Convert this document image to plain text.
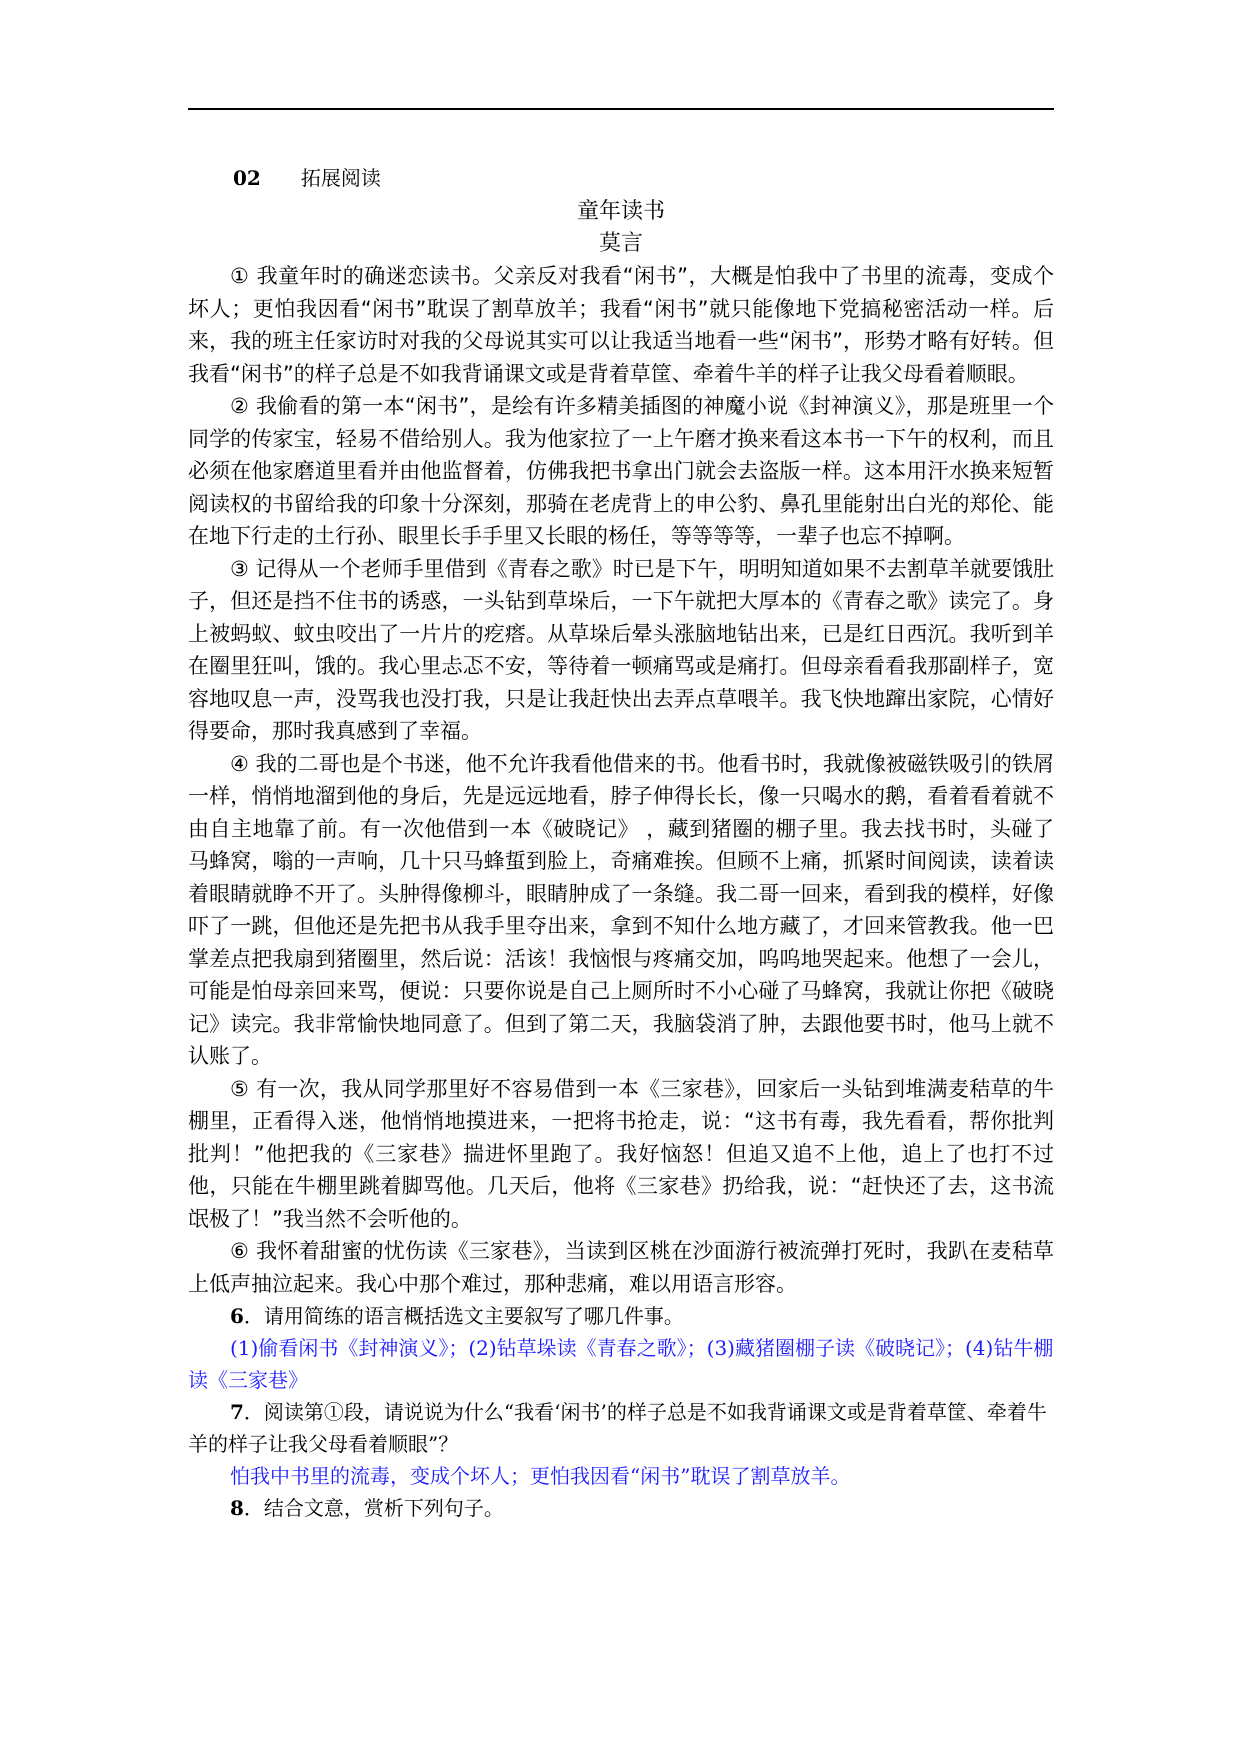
02 拓展阅读
童年读书
莫言

① 我童年时的确迷恋读书。父亲反对我看“闲书”，大概是怕我中了书里的流毒，变成个坏人；更怕我因看“闲书”耽误了割草放羊；我看“闲书”就只能像地下党搞秘密活动一样。后来，我的班主任家访时对我的父母说其实可以让我适当地看一些“闲书”，形势才略有好转。但我看“闲书”的样子总是不如我背诵课文或是背着草筐、牵着牛羊的样子让我父母看着顺眼。

② 我偷看的第一本“闲书”，是绘有许多精美插图的神魔小说《封神演义》，那是班里一个同学的传家宝，轻易不借给别人。我为他家拉了一上午磨才换来看这本书一下午的权利，而且必须在他家磨道里看并由他监督着，仿佛我把书拿出门就会去盗版一样。这本用汗水换来短暂阅读权的书留给我的印象十分深刻，那骑在老虎背上的申公豹、鼻孔里能射出白光的郑伦、能在地下行走的土行孙、眼里长手手里又长眼的杨任，等等等等，一辈子也忘不掉啊。

③ 记得从一个老师手里借到《青春之歌》时已是下午，明明知道如果不去割草羊就要饿肚子，但还是挡不住书的诱惑，一头钻到草垛后，一下午就把大厚本的《青春之歌》读完了。身上被蚂蚁、蚊虫咬出了一片片的疙瘩。从草垛后晕头涨脑地钻出来，已是红日西沉。我听到羊在圈里狂叫，饿的。我心里忐忑不安，等待着一顿痛骂或是痛打。但母亲看看我那副样子，宽容地叹息一声，没骂我也没打我，只是让我赶快出去弄点草喂羊。我飞快地蹿出家院，心情好得要命，那时我真感到了幸福。

④ 我的二哥也是个书迷，他不允许我看他借来的书。他看书时，我就像被磁铁吸引的铁屑一样，悄悄地溜到他的身后，先是远远地看，脖子伸得长长，像一只喝水的鹅，看着看着就不由自主地靠了前。有一次他借到一本《破晓记》 ，藏到猪圈的棚子里。我去找书时，头碰了马蜂窝，嗡的一声响，几十只马蜂蜇到脸上，奇痛难挨。但顾不上痛，抓紧时间阅读，读着读着眼睛就睁不开了。头肿得像柳斗，眼睛肿成了一条缝。我二哥一回来，看到我的模样，好像吓了一跳，但他还是先把书从我手里夺出来，拿到不知什么地方藏了，才回来管教我。他一巴掌差点把我扇到猪圈里，然后说：活该！我恼恨与疼痛交加，呜呜地哭起来。他想了一会儿，可能是怕母亲回来骂，便说：只要你说是自己上厕所时不小心碰了马蜂窝，我就让你把《破晓记》读完。我非常愉快地同意了。但到了第二天，我脑袋消了肿，去跟他要书时，他马上就不认账了。

⑤ 有一次，我从同学那里好不容易借到一本《三家巷》，回家后一头钻到堆满麦秸草的牛棚里，正看得入迷，他悄悄地摸进来，一把将书抢走，说：“这书有毒，我先看看，帮你批判批判！”他把我的《三家巷》揣进怀里跑了。我好恼怒！但追又追不上他，追上了也打不过他，只能在牛棚里跳着脚骂他。几天后，他将《三家巷》扔给我，说：“赶快还了去，这书流氓极了！”我当然不会听他的。

⑥ 我怀着甜蜜的忧伤读《三家巷》，当读到区桃在沙面游行被流弹打死时，我趴在麦秸草上低声抽泣起来。我心中那个难过，那种悲痛，难以用语言形容。

6．请用简练的语言概括选文主要叙写了哪几件事。

(1)偷看闲书《封神演义》；(2)钻草垛读《青春之歌》；(3)藏猪圈棚子读《破晓记》；(4)钻牛棚读《三家巷》

7．阅读第①段，请说说为什么“我看‘闲书’的样子总是不如我背诵课文或是背着草筐、牵着牛羊的样子让我父母看着顺眼”？

怕我中书里的流毒，变成个坏人；更怕我因看“闲书”耽误了割草放羊。

8．结合文意，赏析下列句子。
